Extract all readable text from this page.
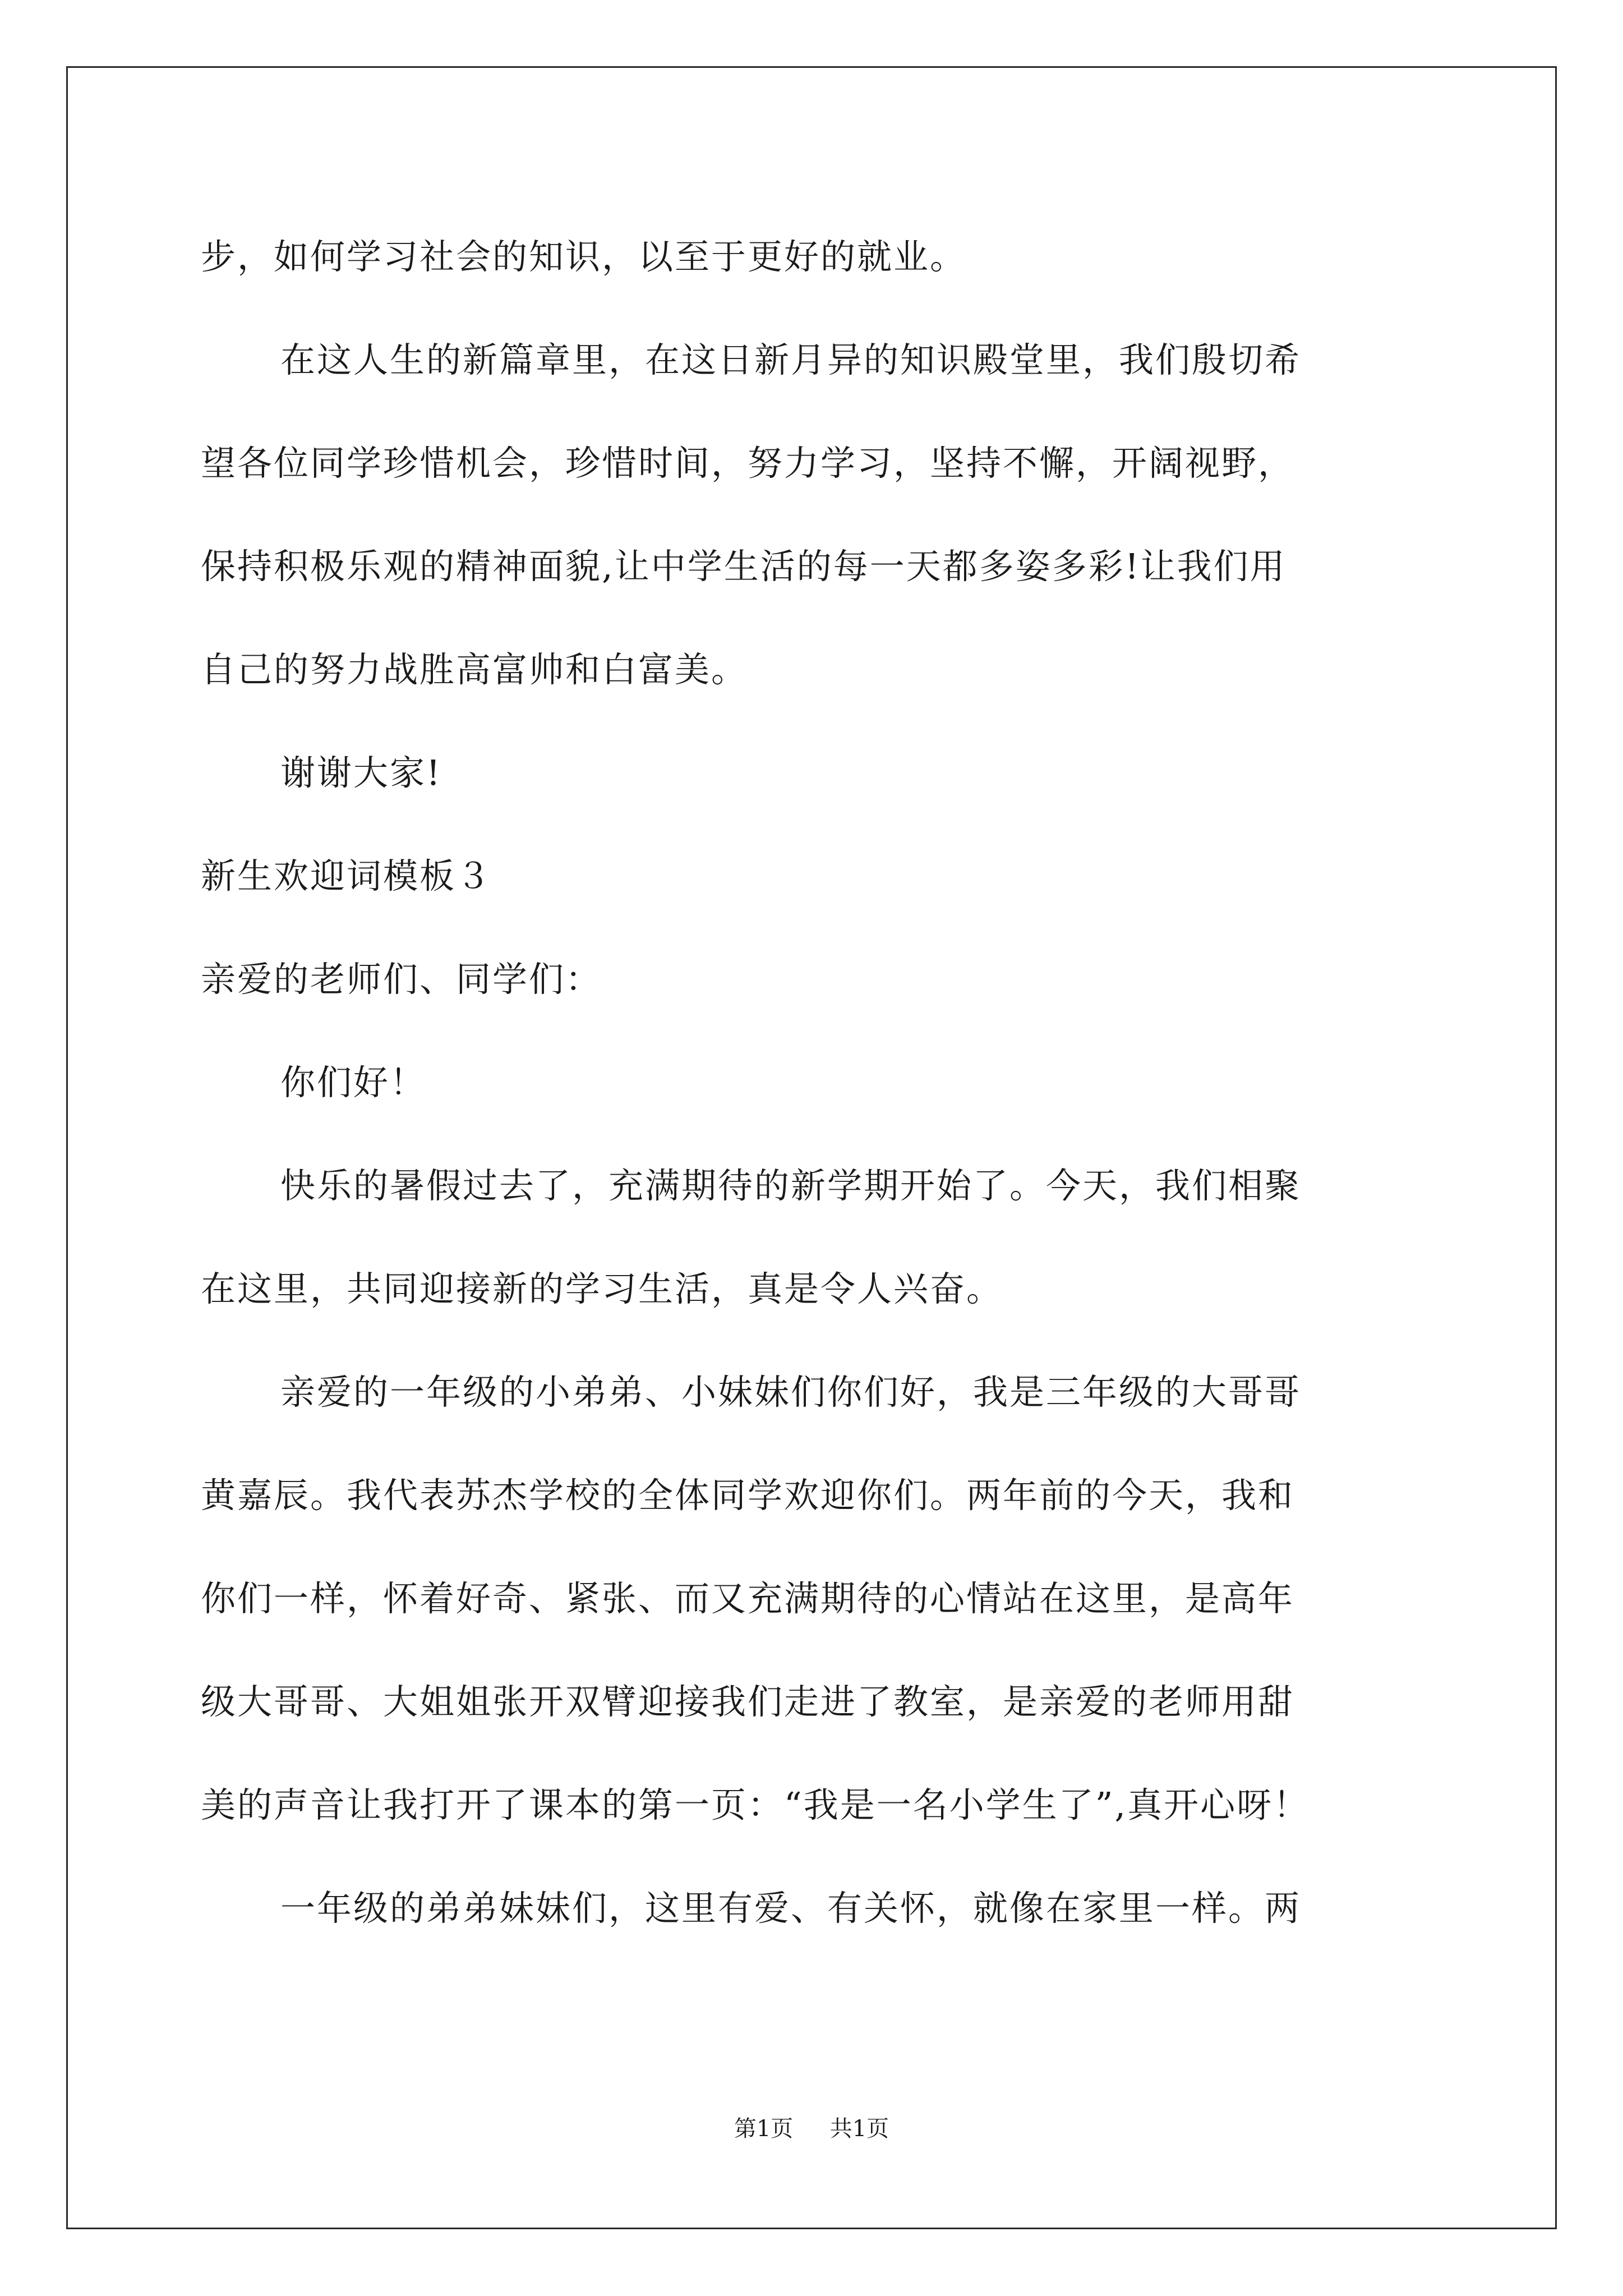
步，如何学习社会的知识，以至于更好的就业。
在这人生的新篇章里，在这日新月异的知识殿堂里，我们殷切希
望各位同学珍惜机会，珍惜时间，努力学习，坚持不懈，开阔视野，
保持积极乐观的精神面貌,让中学生活的每一天都多姿多彩!让我们用
自己的努力战胜高富帅和白富美。
谢谢大家!
新生欢迎词模板３
亲爱的老师们、同学们：
你们好！
快乐的暑假过去了，充满期待的新学期开始了。今天，我们相聚
在这里，共同迎接新的学习生活，真是令人兴奋。
亲爱的一年级的小弟弟、小妹妹们你们好，我是三年级的大哥哥
黄嘉辰。我代表苏杰学校的全体同学欢迎你们。两年前的今天，我和
你们一样，怀着好奇、紧张、而又充满期待的心情站在这里，是高年
级大哥哥、大姐姐张开双臂迎接我们走进了教室，是亲爱的老师用甜
美的声音让我打开了课本的第一页：“我是一名小学生了”,真开心呀！
一年级的弟弟妹妹们，这里有爱、有关怀，就像在家里一样。两
第1页 共1页
